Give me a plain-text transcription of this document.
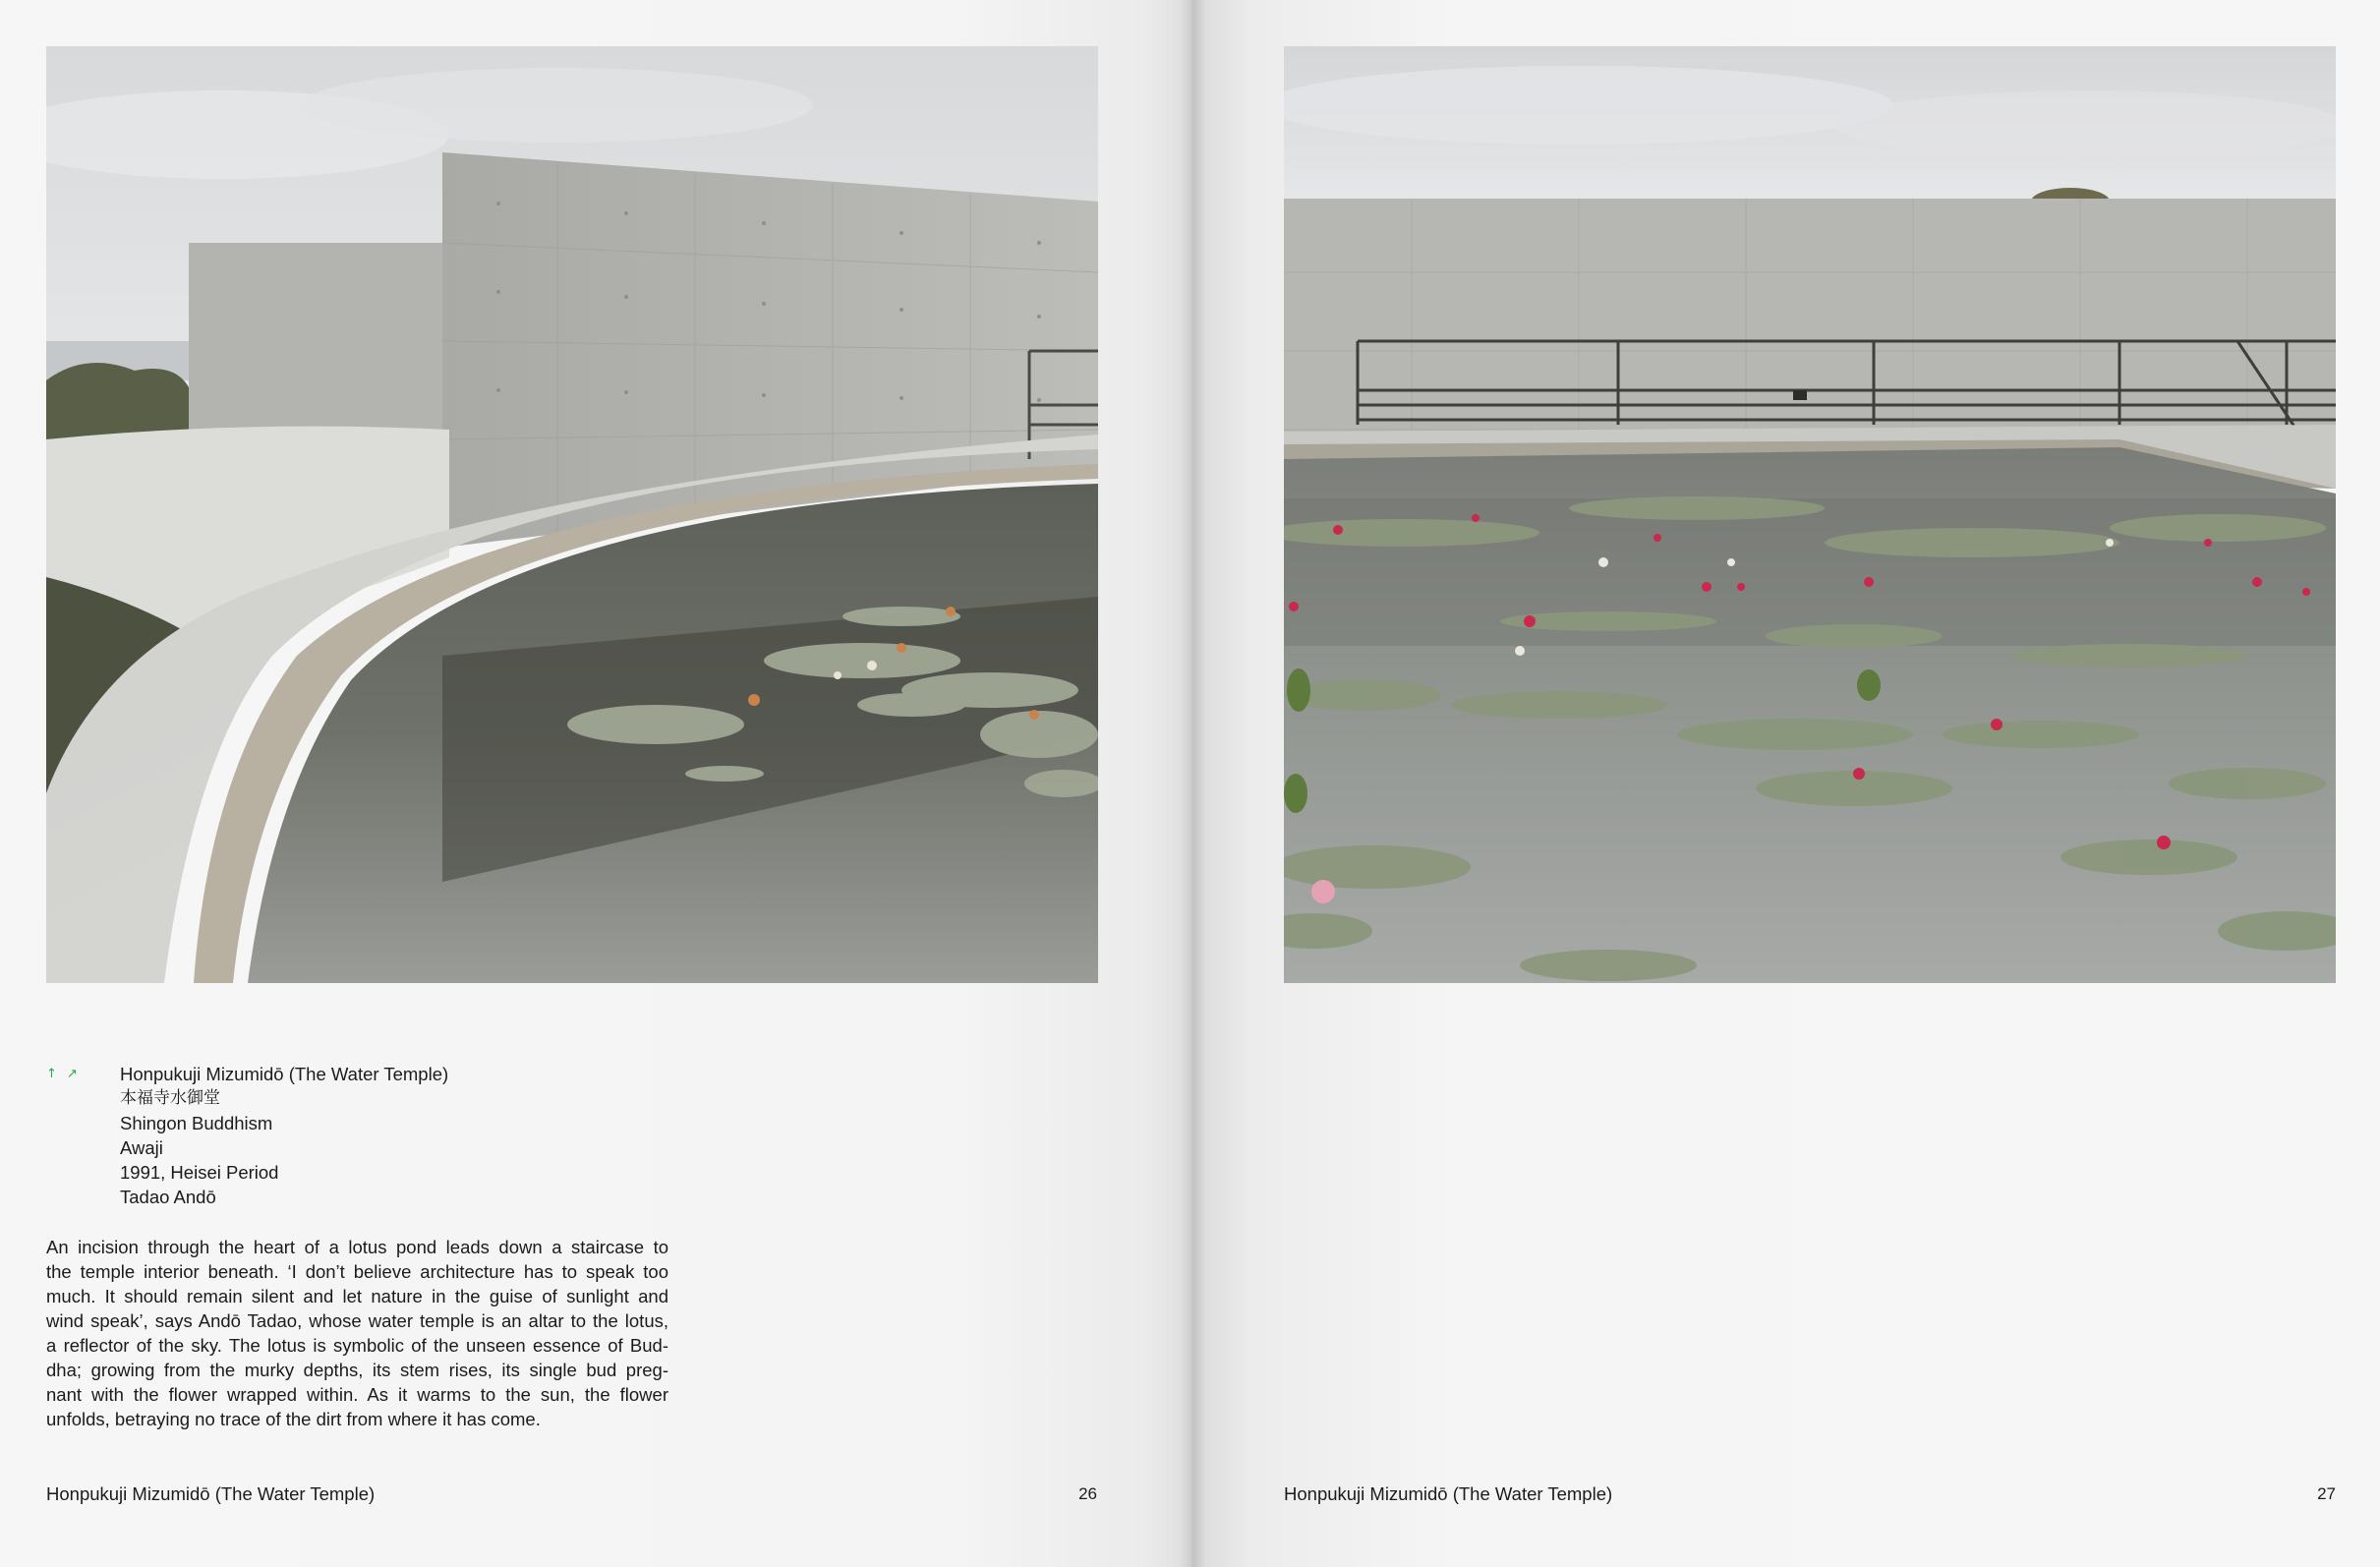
↑ ↗	Honpukuji Mizumidō (The Water Temple)
本福寺水御堂
Shingon Buddhism
Awaji
1991, Heisei Period
Tadao Andō
An incision through the heart of a lotus pond leads down a staircase to
the temple interior beneath. ‘I don’t believe architecture has to speak too
much. It should remain silent and let nature in the guise of sunlight and
wind speak’, says Andō Tadao, whose water temple is an altar to the lotus,
a reflector of the sky. The lotus is symbolic of the unseen essence of Bud-
dha; growing from the murky depths, its stem rises, its single bud preg-
nant with the flower wrapped within. As it warms to the sun, the flower
unfolds, betraying no trace of the dirt from where it has come.
Honpukuji Mizumidō (The Water Temple)	26	Honpukuji Mizumidō (The Water Temple)	27
